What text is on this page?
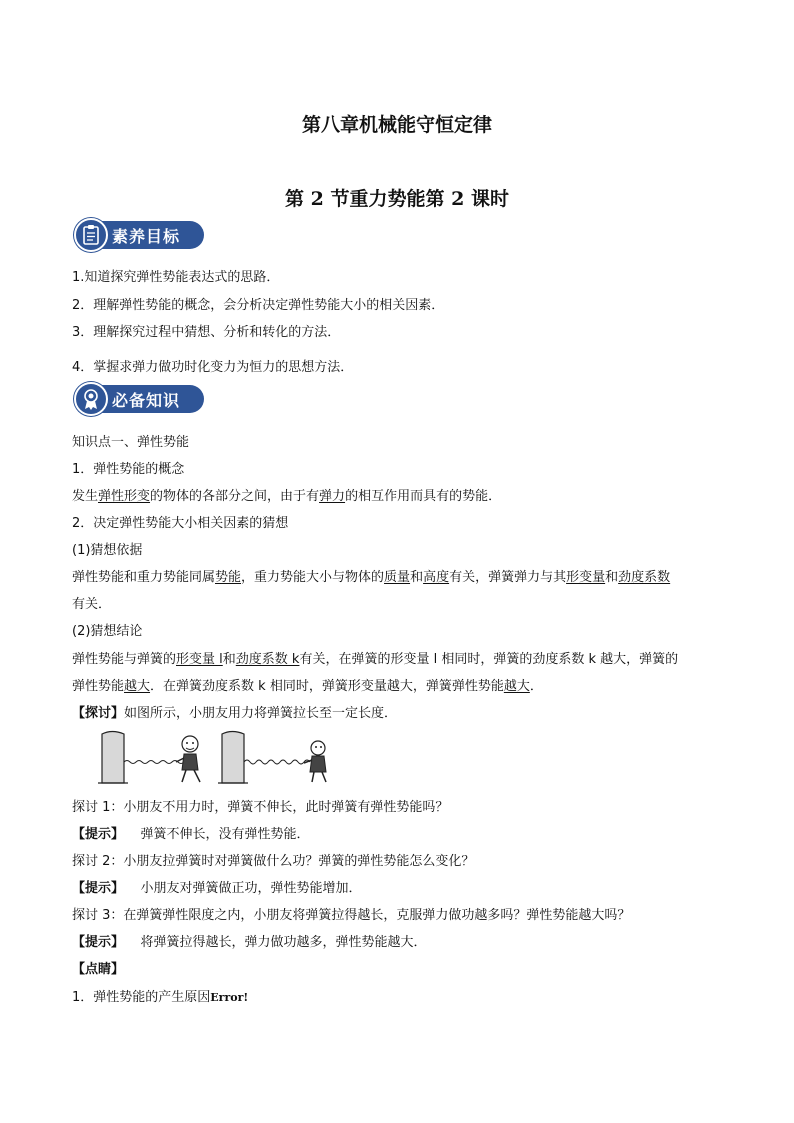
第八章机械能守恒定律
第 2 节重力势能第 2 课时
素养目标
1.知道探究弹性势能表达式的思路．
2．理解弹性势能的概念，会分析决定弹性势能大小的相关因素．
3．理解探究过程中猜想、分析和转化的方法．
4．掌握求弹力做功时化变力为恒力的思想方法．
必备知识
知识点一、弹性势能
1．弹性势能的概念
发生弹性形变的物体的各部分之间，由于有弹力的相互作用而具有的势能．
2．决定弹性势能大小相关因素的猜想
(1)猜想依据
弹性势能和重力势能同属势能，重力势能大小与物体的质量和高度有关，弹簧弹力与其形变量和劲度系数
有关．
(2)猜想结论
弹性势能与弹簧的形变量 l和劲度系数 k有关，在弹簧的形变量 l 相同时，弹簧的劲度系数 k 越大，弹簧的
弹性势能越大．在弹簧劲度系数 k 相同时，弹簧形变量越大，弹簧弹性势能越大．
【探讨】如图所示，小朋友用力将弹簧拉长至一定长度．
探讨 1：小朋友不用力时，弹簧不伸长，此时弹簧有弹性势能吗？
【提示】 弹簧不伸长，没有弹性势能．
探讨 2：小朋友拉弹簧时对弹簧做什么功？弹簧的弹性势能怎么变化？
【提示】 小朋友对弹簧做正功，弹性势能增加．
探讨 3：在弹簧弹性限度之内，小朋友将弹簧拉得越长，克服弹力做功越多吗？弹性势能越大吗？
【提示】 将弹簧拉得越长，弹力做功越多，弹性势能越大．
【点睛】
1．弹性势能的产生原因Error!
